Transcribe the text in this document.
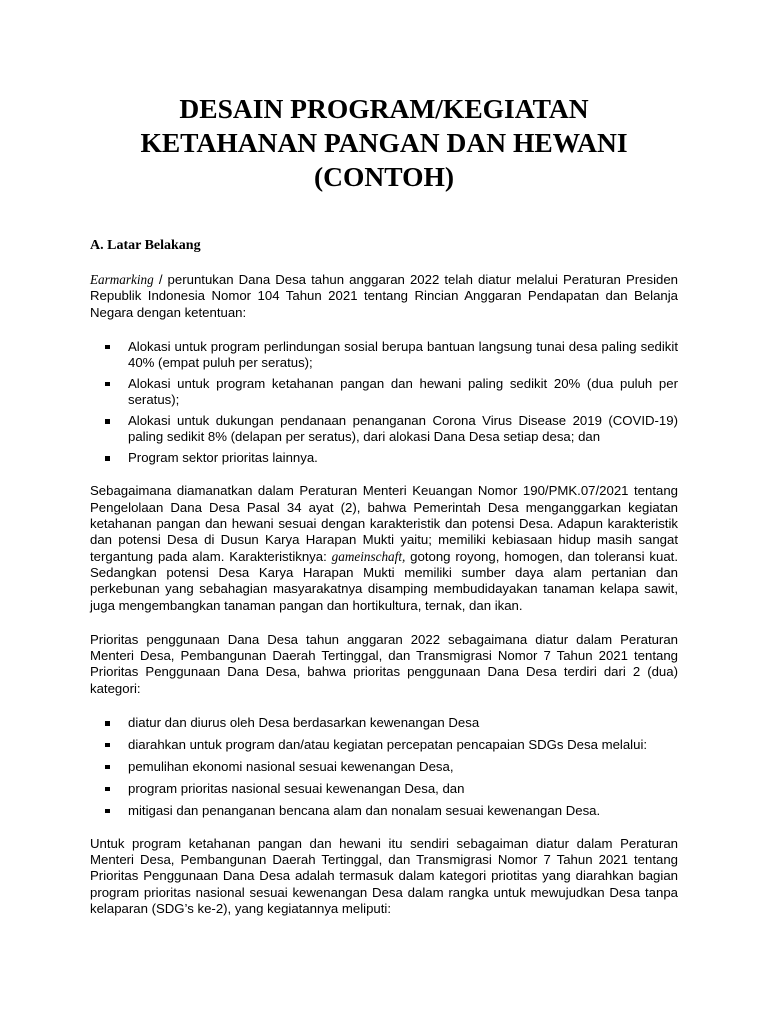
DESAIN PROGRAM/KEGIATAN
KETAHANAN PANGAN DAN HEWANI
(CONTOH)
A. Latar Belakang

Earmarking / peruntukan Dana Desa tahun anggaran 2022 telah diatur melalui Peraturan Presiden Republik Indonesia Nomor 104 Tahun 2021 tentang Rincian Anggaran Pendapatan dan Belanja Negara dengan ketentuan:

Alokasi untuk program perlindungan sosial berupa bantuan langsung tunai desa paling sedikit 40% (empat puluh per seratus);
Alokasi untuk program ketahanan pangan dan hewani paling sedikit 20% (dua puluh per seratus);
Alokasi untuk dukungan pendanaan penanganan Corona Virus Disease 2019 (COVID-19) paling sedikit 8% (delapan per seratus), dari alokasi Dana Desa setiap desa; dan
Program sektor prioritas lainnya.

Sebagaimana diamanatkan dalam Peraturan Menteri Keuangan Nomor 190/PMK.07/2021 tentang Pengelolaan Dana Desa Pasal 34 ayat (2), bahwa Pemerintah Desa menganggarkan kegiatan ketahanan pangan dan hewani sesuai dengan karakteristik dan potensi Desa. Adapun karakteristik dan potensi Desa di Dusun Karya Harapan Mukti yaitu; memiliki kebiasaan hidup masih sangat tergantung pada alam. Karakteristiknya: gameinschaft, gotong royong, homogen, dan toleransi kuat. Sedangkan potensi Desa Karya Harapan Mukti memiliki sumber daya alam pertanian dan perkebunan yang sebahagian masyarakatnya disamping membudidayakan tanaman kelapa sawit, juga mengembangkan tanaman pangan dan hortikultura, ternak, dan ikan.

Prioritas penggunaan Dana Desa tahun anggaran 2022 sebagaimana diatur dalam Peraturan Menteri Desa, Pembangunan Daerah Tertinggal, dan Transmigrasi Nomor 7 Tahun 2021 tentang Prioritas Penggunaan Dana Desa, bahwa prioritas penggunaan Dana Desa terdiri dari 2 (dua) kategori:

diatur dan diurus oleh Desa berdasarkan kewenangan Desa
diarahkan untuk program dan/atau kegiatan percepatan pencapaian SDGs Desa melalui:
pemulihan ekonomi nasional sesuai kewenangan Desa,
program prioritas nasional sesuai kewenangan Desa, dan
mitigasi dan penanganan bencana alam dan nonalam sesuai kewenangan Desa.

Untuk program ketahanan pangan dan hewani itu sendiri sebagaiman diatur dalam Peraturan Menteri Desa, Pembangunan Daerah Tertinggal, dan Transmigrasi Nomor 7 Tahun 2021 tentang Prioritas Penggunaan Dana Desa adalah termasuk dalam kategori priotitas yang diarahkan bagian program prioritas nasional sesuai kewenangan Desa dalam rangka untuk mewujudkan Desa tanpa kelaparan (SDG’s ke-2), yang kegiatannya meliputi:
